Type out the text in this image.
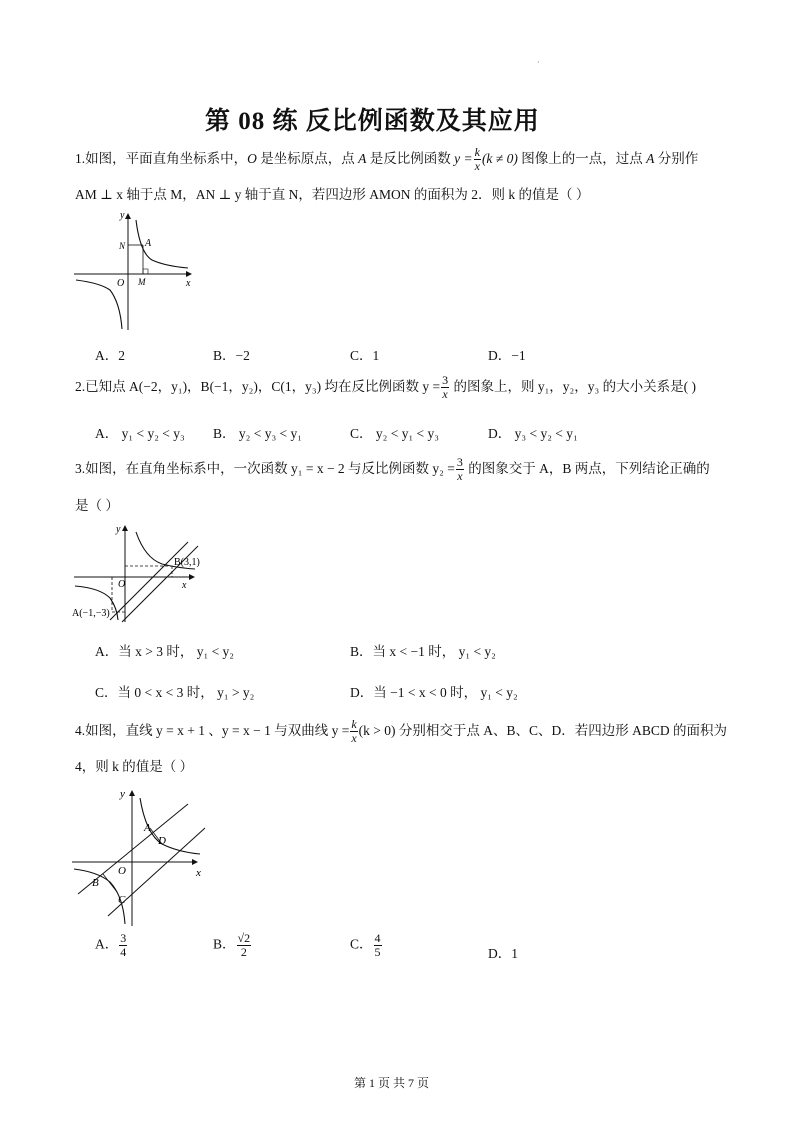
·
第 08 练 反比例函数及其应用
1.如图，平面直角坐标系中，O 是坐标原点，点 A 是反比例函数 $y = \frac{k}{x} (k \ne 0)$ 图像上的一点，过点 A 分别作
AM ⊥ x 轴于点 M，AN ⊥ y 轴于直 N，若四边形 AMON 的面积为 2．则 k 的值是（ ）
y
x
O
N A
M
A．2	B．−2	C．1	D．−1
2.已知点 A(−2，y₁)，B(−1，y₂)，C(1，y₃) 均在反比例函数 $y = \frac{3}{x}$ 的图象上，则 y₁，y₂，y₃ 的大小关系是( )
A． y₁ < y₂ < y₃ B． y₂ < y₃ < y₁	C． y₂ < y₁ < y₃	D． y₃ < y₂ < y₁
3.如图，在直角坐标系中，一次函数 y₁ = x − 2 与反比例函数 $y_2 = \frac{3}{x}$ 的图象交于 A，B 两点，下列结论正确的
是（ ）
y
x
O
B(3,1)
A(−1,−3)
A．当 x > 3 时， y₁ < y₂	B．当 x < −1 时， y₁ < y₂
C．当 0 < x < 3 时， y₁ > y₂	D．当 −1 < x < 0 时， y₁ < y₂
4.如图，直线 y = x + 1 、y = x − 1 与双曲线 $y = \frac{k}{x} (k > 0)$ 分别相交于点 A、B、C、D．若四边形 ABCD 的面积为
4，则 k 的值是（ ）
y
x
O
A
D
B
C
A． $\frac{3}{4}$	B． $\frac{√2}{2}$	C． $\frac{4}{5}$	D．1
第 1 页 共 7 页
